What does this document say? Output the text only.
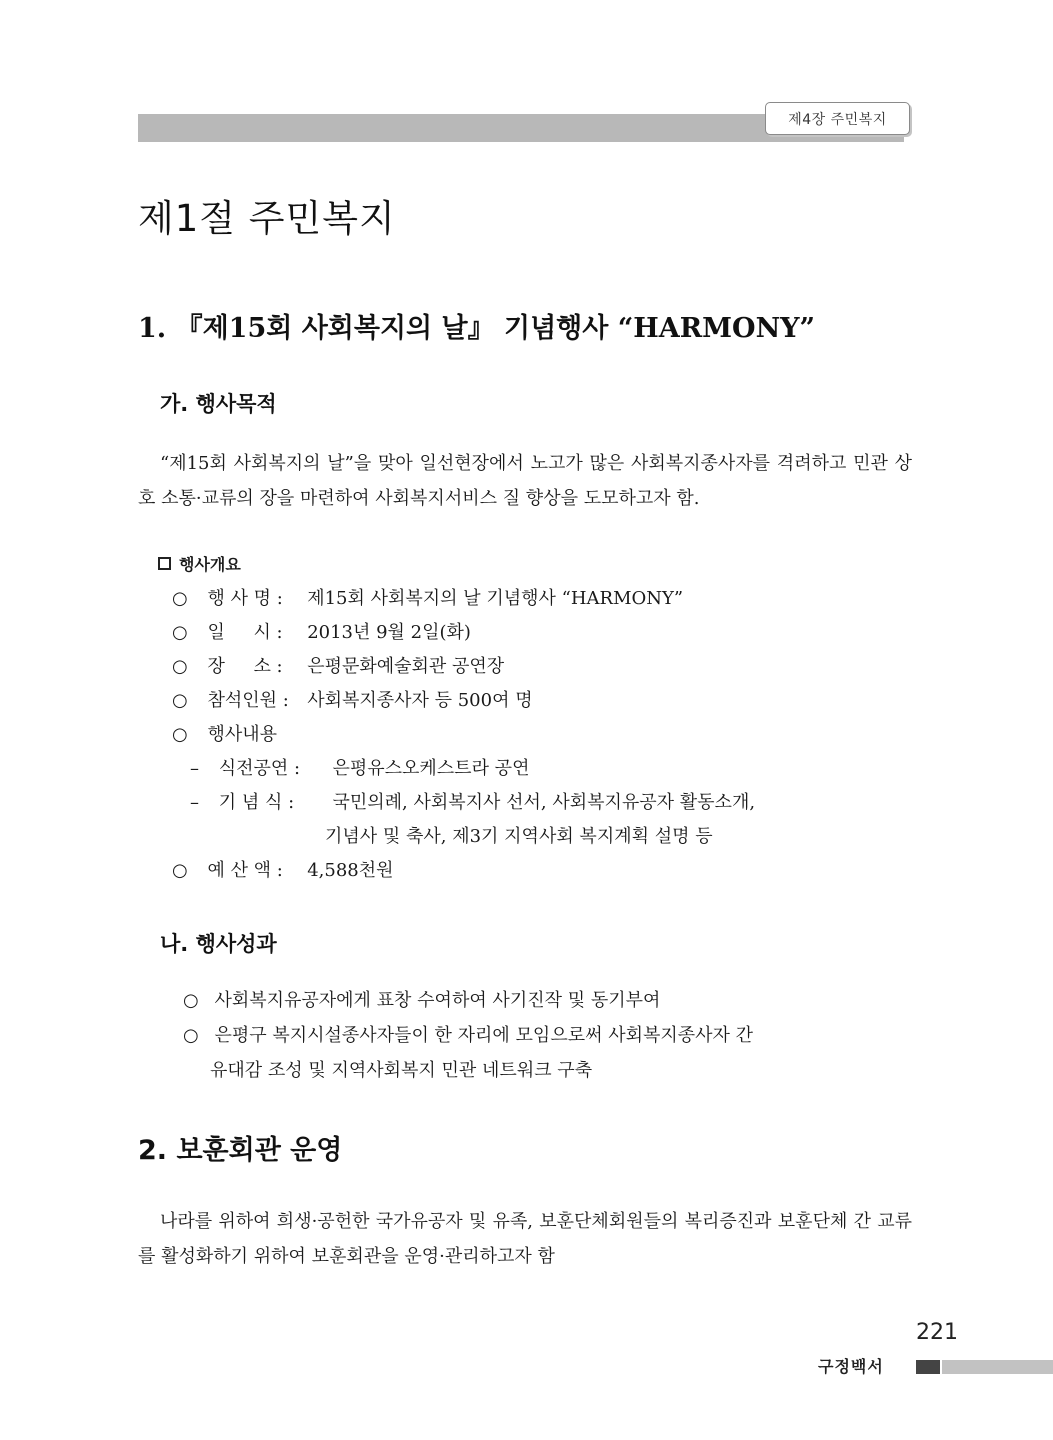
제4장 주민복지
제1절 주민복지
1. 『제15회 사회복지의 날』 기념행사 “HARMONY”
가. 행사목적

“제15회 사회복지의 날”을 맞아 일선현장에서 노고가 많은 사회복지종사자를 격려하고 민관 상호 소통·교류의 장을 마련하여 사회복지서비스 질 향상을 도모하고자 함.

행사개요
○ 행 사 명 : 제15회 사회복지의 날 기념행사 “HARMONY”
○ 일     시 : 2013년 9월 2일(화)
○ 장     소 : 은평문화예술회관 공연장
○ 참석인원 : 사회복지종사자 등 500여 명
○ 행사내용
– 식전공연 : 은평유스오케스트라 공연
– 기 념 식 : 국민의례, 사회복지사 선서, 사회복지유공자 활동소개,
기념사 및 축사, 제3기 지역사회 복지계획 설명 등
○ 예 산 액 : 4,588천원
나. 행사성과
○ 사회복지유공자에게 표창 수여하여 사기진작 및 동기부여
○ 은평구 복지시설종사자들이 한 자리에 모임으로써 사회복지종사자 간
유대감 조성 및 지역사회복지 민관 네트워크 구축
2. 보훈회관 운영

나라를 위하여 희생·공헌한 국가유공자 및 유족, 보훈단체회원들의 복리증진과 보훈단체 간 교류를 활성화하기 위하여 보훈회관을 운영·관리하고자 함

221
구정백서
